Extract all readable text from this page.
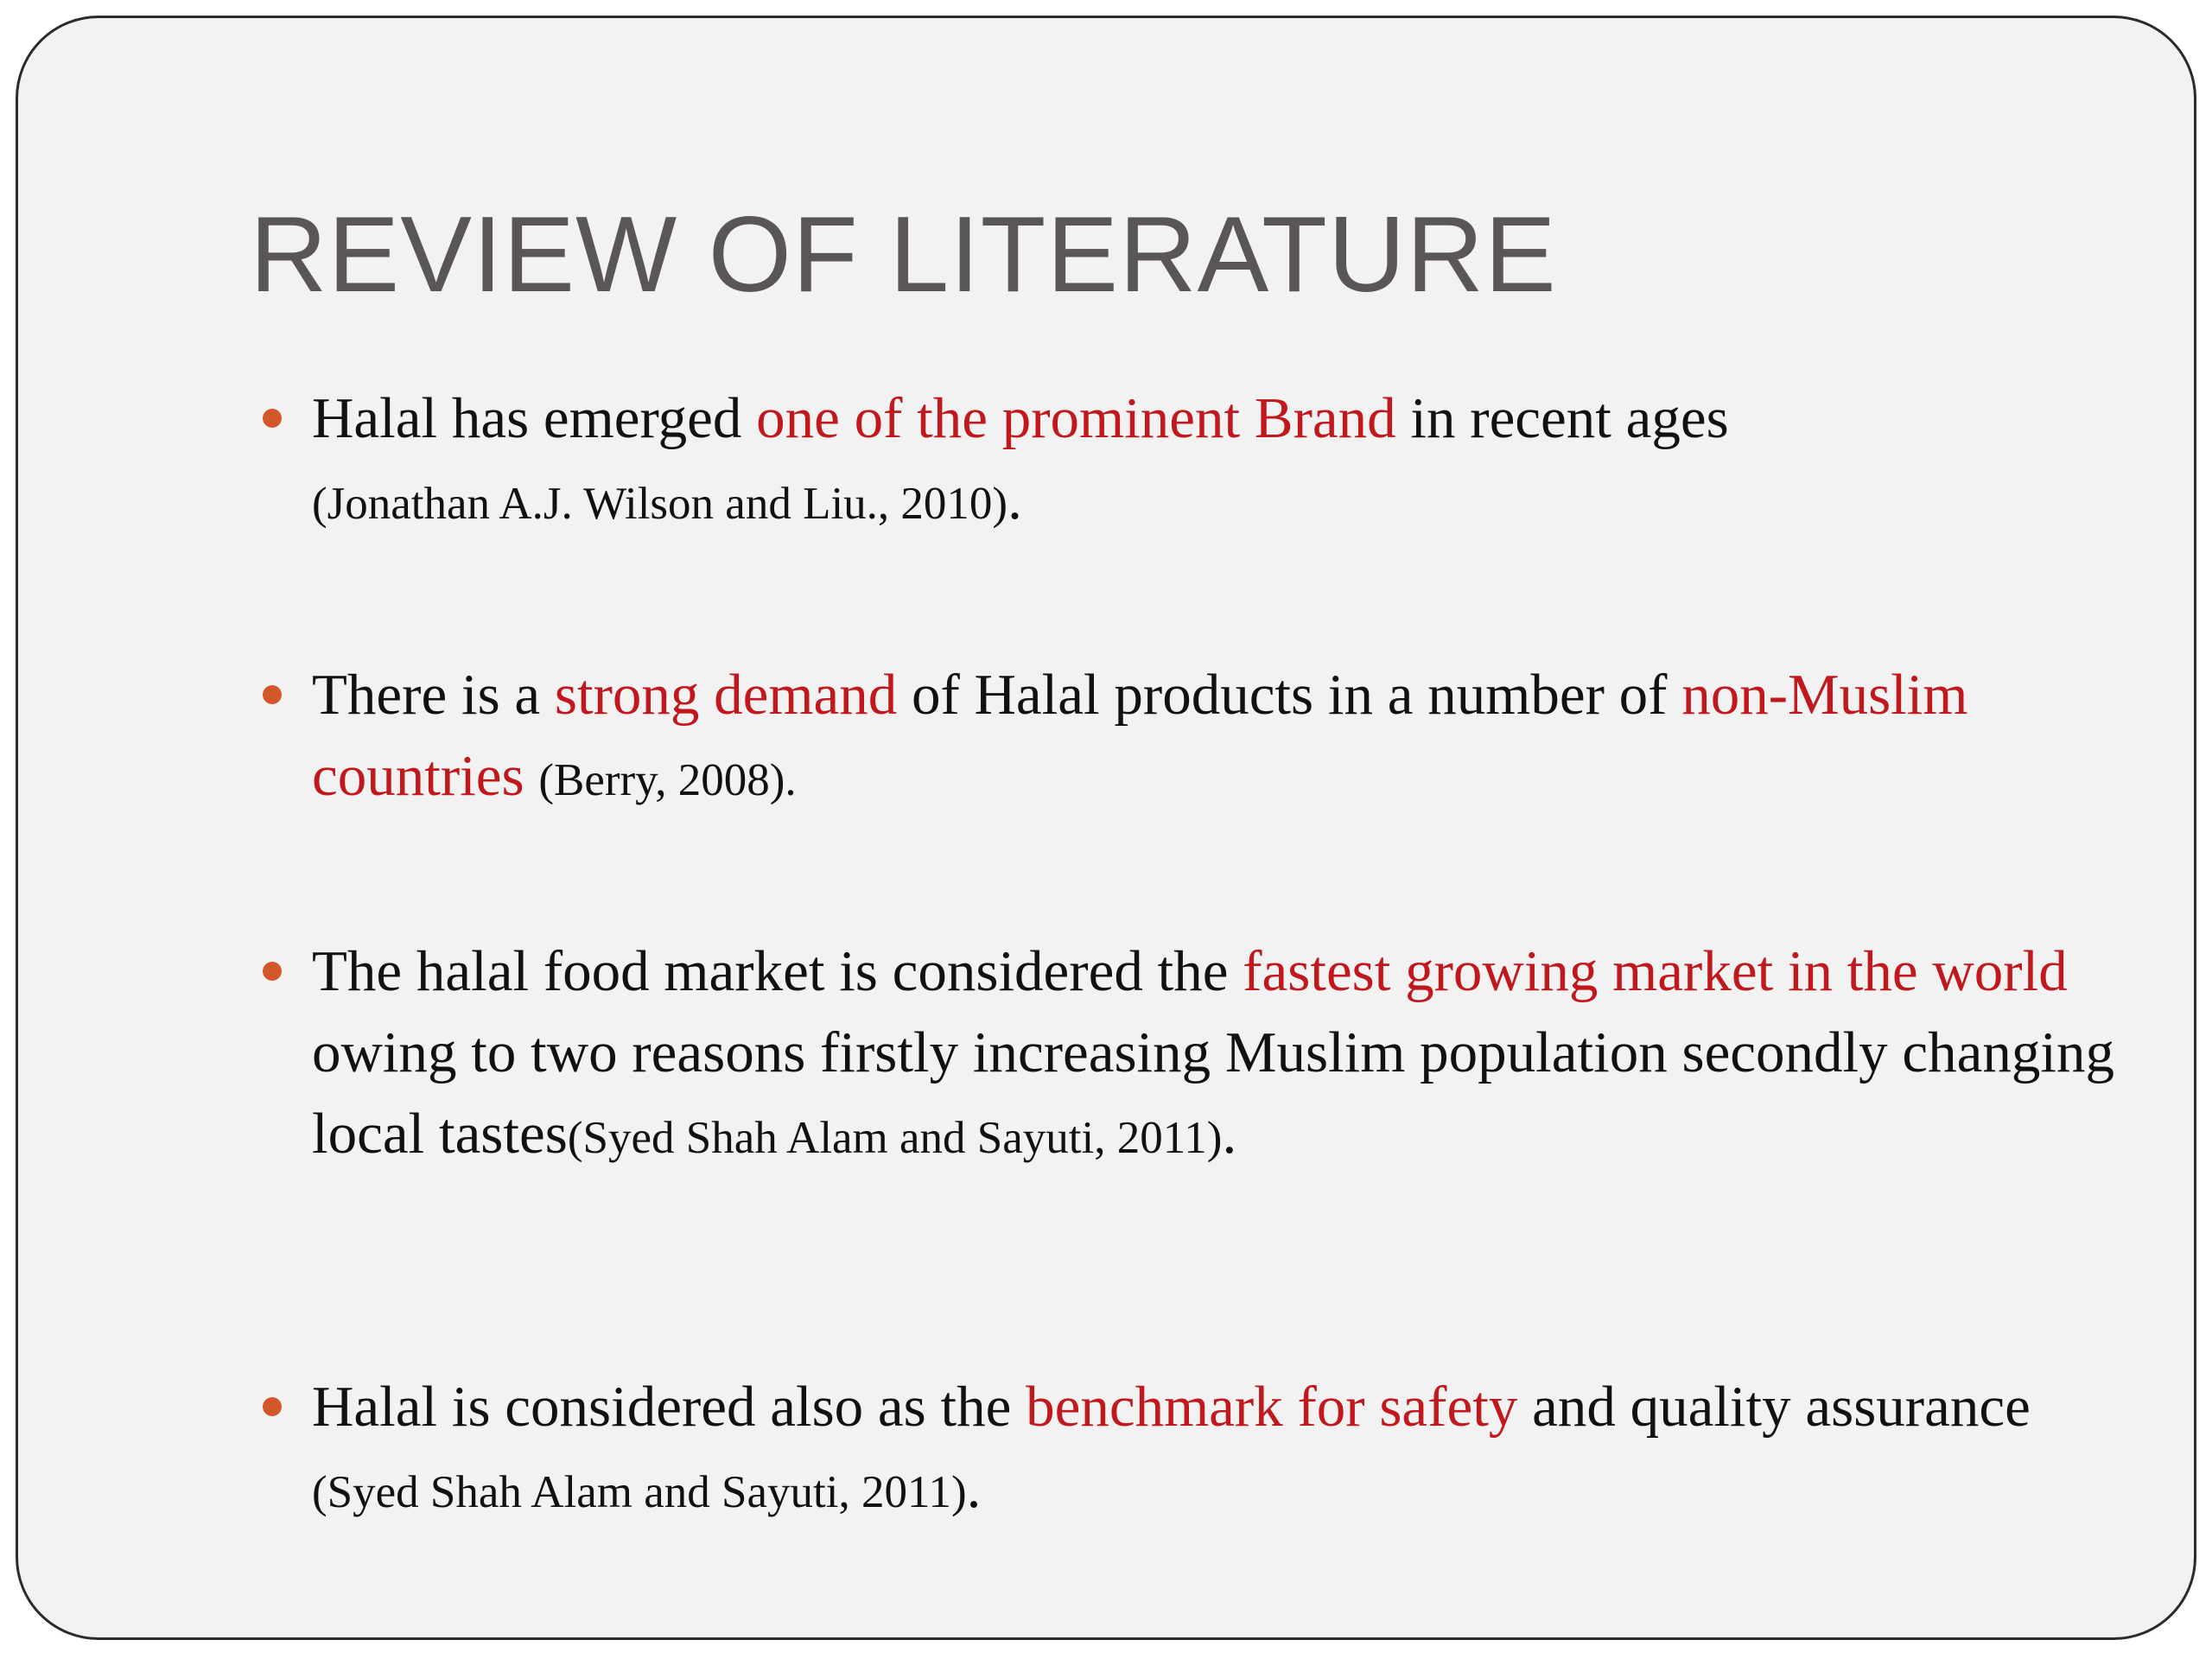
REVIEW OF LITERATURE
Halal has emerged one of the prominent Brand in recent ages
(Jonathan A.J. Wilson and Liu., 2010).
There is a strong demand of Halal products in a number of non-Muslim countries (Berry, 2008).
The halal food market is considered the fastest growing market in the world owing to two reasons firstly increasing Muslim population secondly changing local tastes(Syed Shah Alam and Sayuti, 2011).
Halal is considered also as the benchmark for safety and quality assurance (Syed Shah Alam and Sayuti, 2011).
